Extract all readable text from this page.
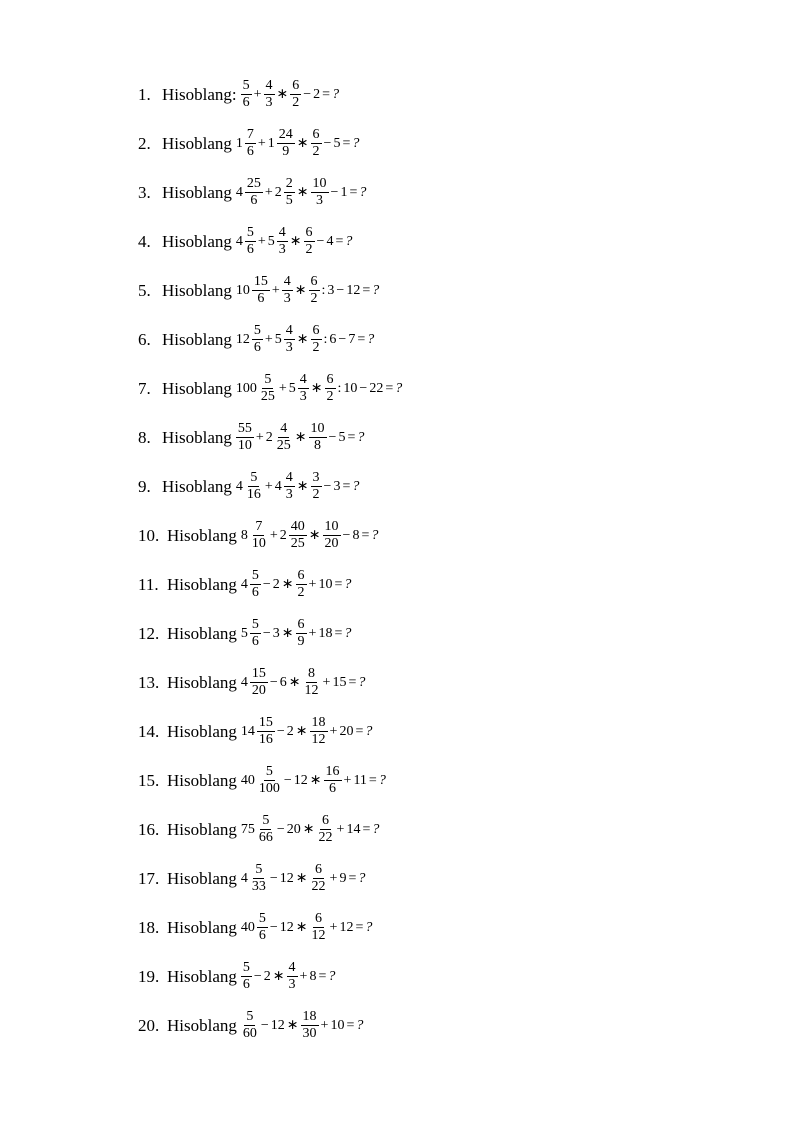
1. Hisoblang: $\frac{5}{6} + \frac{4}{3}$ ∗ $\frac{6}{2} - 2$ = ?
2. Hisoblang $1 \frac{7}{6} + 1 \frac{24}{9}$ ∗ $\frac{6}{2} - 5$ = ?
3. Hisoblang $4 \frac{25}{6} + 2 \frac{2}{5}$ ∗ $\frac{10}{3} - 1$ = ?
4. Hisoblang $4 \frac{5}{6} + 5 \frac{4}{3}$ ∗ $\frac{6}{2} - 4$ = ?
5. Hisoblang $10 \frac{15}{6} + \frac{4}{3}$ ∗ $\frac{6}{2}$ : 3 − 12 = ?
6. Hisoblang $12 \frac{5}{6} + 5 \frac{4}{3}$ ∗ $\frac{6}{2}$ : 6 − 7 = ?
7. Hisoblang $100 \frac{5}{25} + 5 \frac{4}{3}$ ∗ $\frac{6}{2}$ : 10 − 22 = ?
8. Hisoblang $\frac{55}{10} + 2 \frac{4}{25}$ ∗ $\frac{10}{8} - 5$ = ?
9. Hisoblang $4 \frac{5}{16} + 4 \frac{4}{3}$ ∗ $\frac{3}{2} - 3$ = ?
10. Hisoblang $8 \frac{7}{10} + 2 \frac{40}{25}$ ∗ $\frac{10}{20} - 8$ = ?
11. Hisoblang $4 \frac{5}{6} - 2$ ∗ $\frac{6}{2} + 10$ = ?
12. Hisoblang $5 \frac{5}{6} - 3$ ∗ $\frac{6}{9} + 18$ = ?
13. Hisoblang $4 \frac{15}{20} - 6$ ∗ $\frac{8}{12} + 15$ = ?
14. Hisoblang $14 \frac{15}{16} - 2$ ∗ $\frac{18}{12} + 20$ = ?
15. Hisoblang $40 \frac{5}{100} - 12$ ∗ $\frac{16}{6} + 11$ = ?
16. Hisoblang $75 \frac{5}{66} - 20$ ∗ $\frac{6}{22} + 14$ = ?
17. Hisoblang $4 \frac{5}{33} - 12$ ∗ $\frac{6}{22} + 9$ = ?
18. Hisoblang $40 \frac{5}{6} - 12$ ∗ $\frac{6}{12} + 12$ = ?
19. Hisoblang $\frac{5}{6} - 2$ ∗ $\frac{4}{3} + 8$ = ?
20. Hisoblang $\frac{5}{60} - 12$ ∗ $\frac{18}{30} + 10$ = ?
